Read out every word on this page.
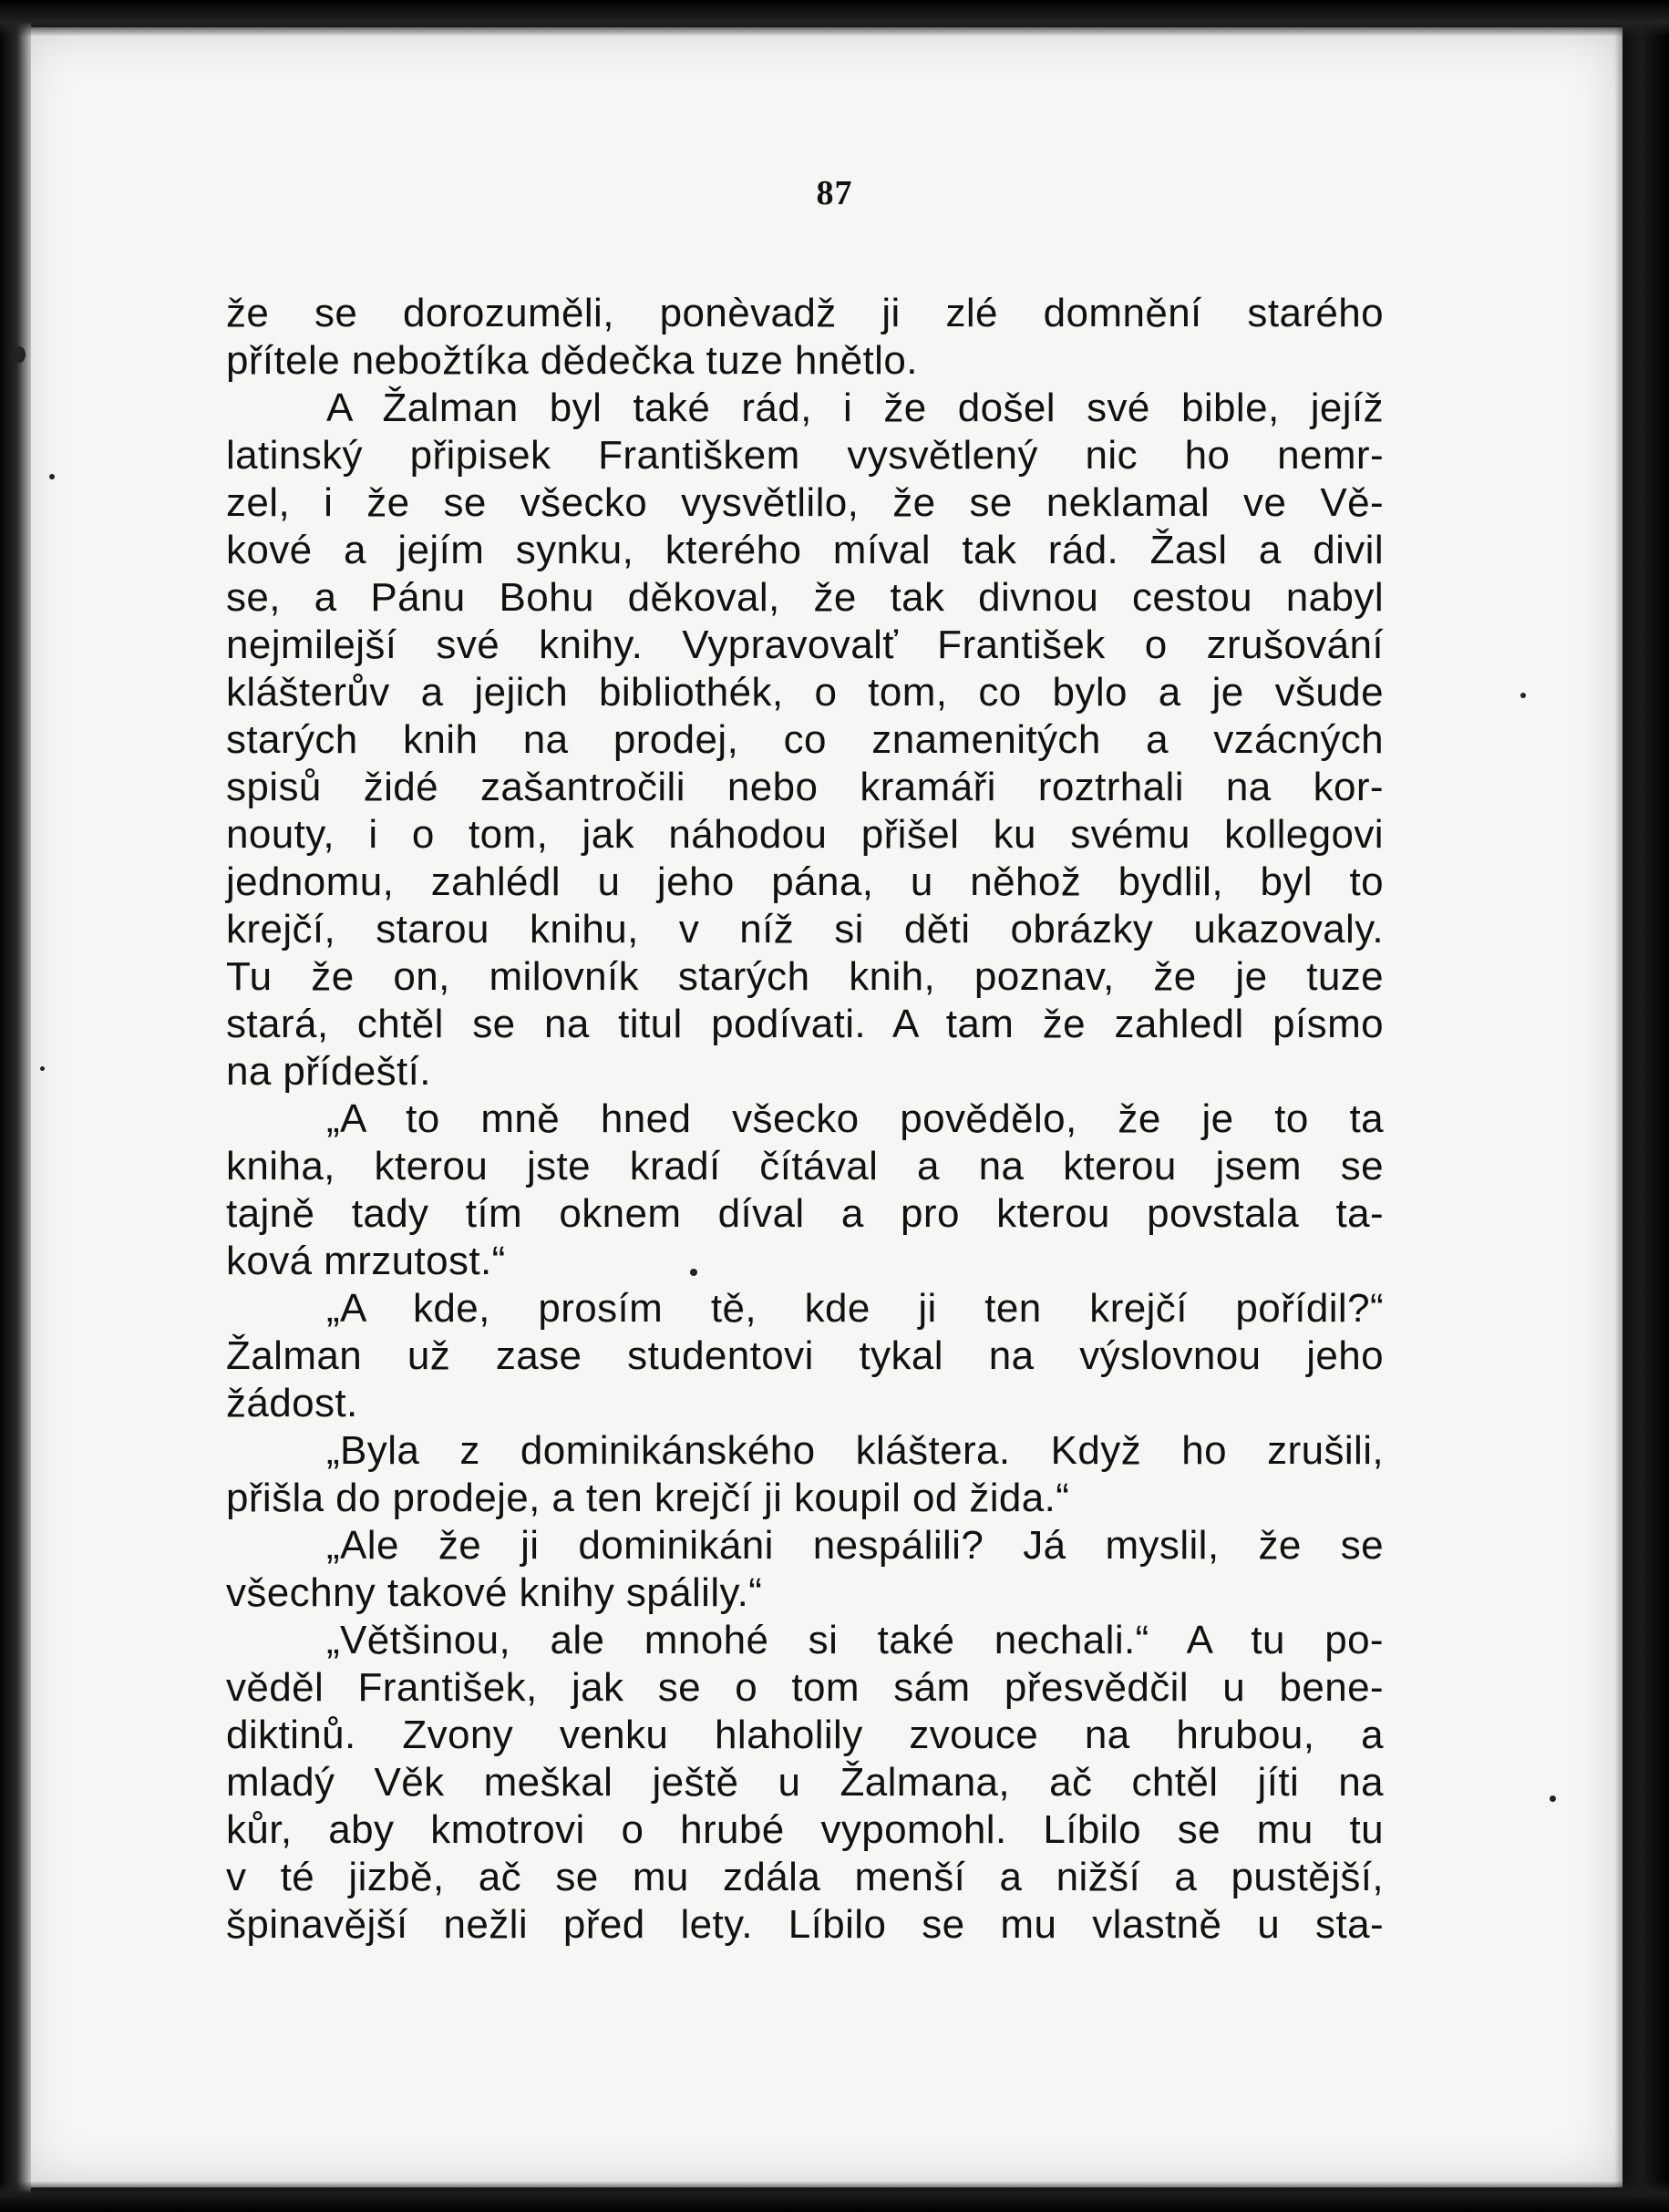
87
že se dorozuměli, ponèvadž ji zlé domnění starého
přítele nebožtíka dědečka tuze hnětlo.
A Žalman byl také rád, i že došel své bible, jejíž
latinský připisek Františkem vysvětlený nic ho nemr-
zel, i že se všecko vysvětlilo, že se neklamal ve Vě-
kové a jejím synku, kterého míval tak rád. Žasl a divil
se, a Pánu Bohu děkoval, že tak divnou cestou nabyl
nejmilejší své knihy. Vypravovalť František o zrušování
klášterův a jejich bibliothék, o tom, co bylo a je všude
starých knih na prodej, co znamenitých a vzácných
spisů židé zašantročili nebo kramáři roztrhali na kor-
nouty, i o tom, jak náhodou přišel ku svému kollegovi
jednomu, zahlédl u jeho pána, u něhož bydlil, byl to
krejčí, starou knihu, v níž si děti obrázky ukazovaly.
Tu že on, milovník starých knih, poznav, že je tuze
stará, chtěl se na titul podívati. A tam že zahledl písmo
na přídeští.
„A to mně hned všecko povědělo, že je to ta
kniha, kterou jste kradí čítával a na kterou jsem se
tajně tady tím oknem díval a pro kterou povstala ta-
ková mrzutost.“
„A kde, prosím tě, kde ji ten krejčí pořídil?“
Žalman už zase studentovi tykal na výslovnou jeho
žádost.
„Byla z dominikánského kláštera. Když ho zrušili,
přišla do prodeje, a ten krejčí ji koupil od žida.“
„Ale že ji dominikáni nespálili? Já myslil, že se
všechny takové knihy spálily.“
„Většinou, ale mnohé si také nechali.“ A tu po-
věděl František, jak se o tom sám přesvědčil u bene-
diktinů. Zvony venku hlaholily zvouce na hrubou, a
mladý Věk meškal ještě u Žalmana, ač chtěl jíti na
kůr, aby kmotrovi o hrubé vypomohl. Líbilo se mu tu
v té jizbě, ač se mu zdála menší a nižší a pustější,
špinavější nežli před lety. Líbilo se mu vlastně u sta-
